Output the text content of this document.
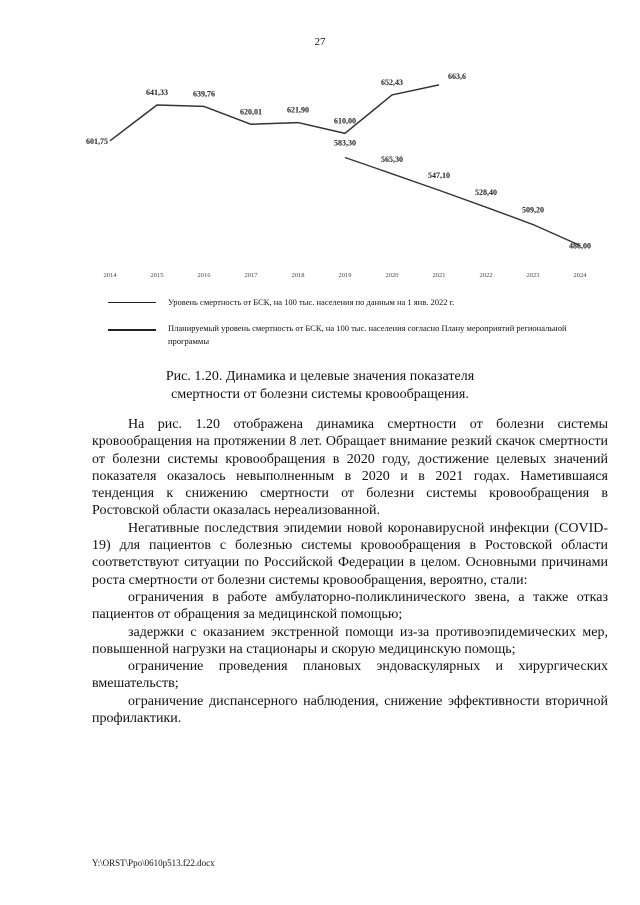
27
2014	2015	2016	2017	2018	2019	2020	2021	2022	2023	2024
601,75
641,33	639,76
620,01	621,90
610,00
652,43
663,6
583,30
565,30
547,10
528,40
509,20
486,00
Уровень смертность от БСК, на 100 тыс. населения по данным на 1 янв. 2022 г.
Планируемый уровень смертность от БСК, на 100 тыс. населения согласно Плану мероприятий региональной программы
Рис. 1.20. Динамика и целевые значения показателя
смертности от болезни системы кровообращения.

На рис. 1.20 отображена динамика смертности от болезни системы кровообращения на протяжении 8 лет. Обращает внимание резкий скачок смертности от болезни системы кровообращения в 2020 году, достижение целевых значений показателя оказалось невыполненным в 2020 и в 2021 годах. Наметившаяся тенденция к снижению смертности от болезни системы кровообращения в Ростовской области оказалась нереализованной.

Негативные последствия эпидемии новой коронавирусной инфекции (COVID-19) для пациентов с болезнью системы кровообращения в Ростовской области соответствуют ситуации по Российской Федерации в целом. Основными причинами роста смертности от болезни системы кровообращения, вероятно, стали:

ограничения в работе амбулаторно-поликлинического звена, а также отказ пациентов от обращения за медицинской помощью;

задержки с оказанием экстренной помощи из-за противоэпидемических мер, повышенной нагрузки на стационары и скорую медицинскую помощь;

ограничение проведения плановых эндоваскулярных и хирургических вмешательств;

ограничение диспансерного наблюдения, снижение эффективности вторичной профилактики.

Y:\ORST\Ppo\0610p513.f22.docx
